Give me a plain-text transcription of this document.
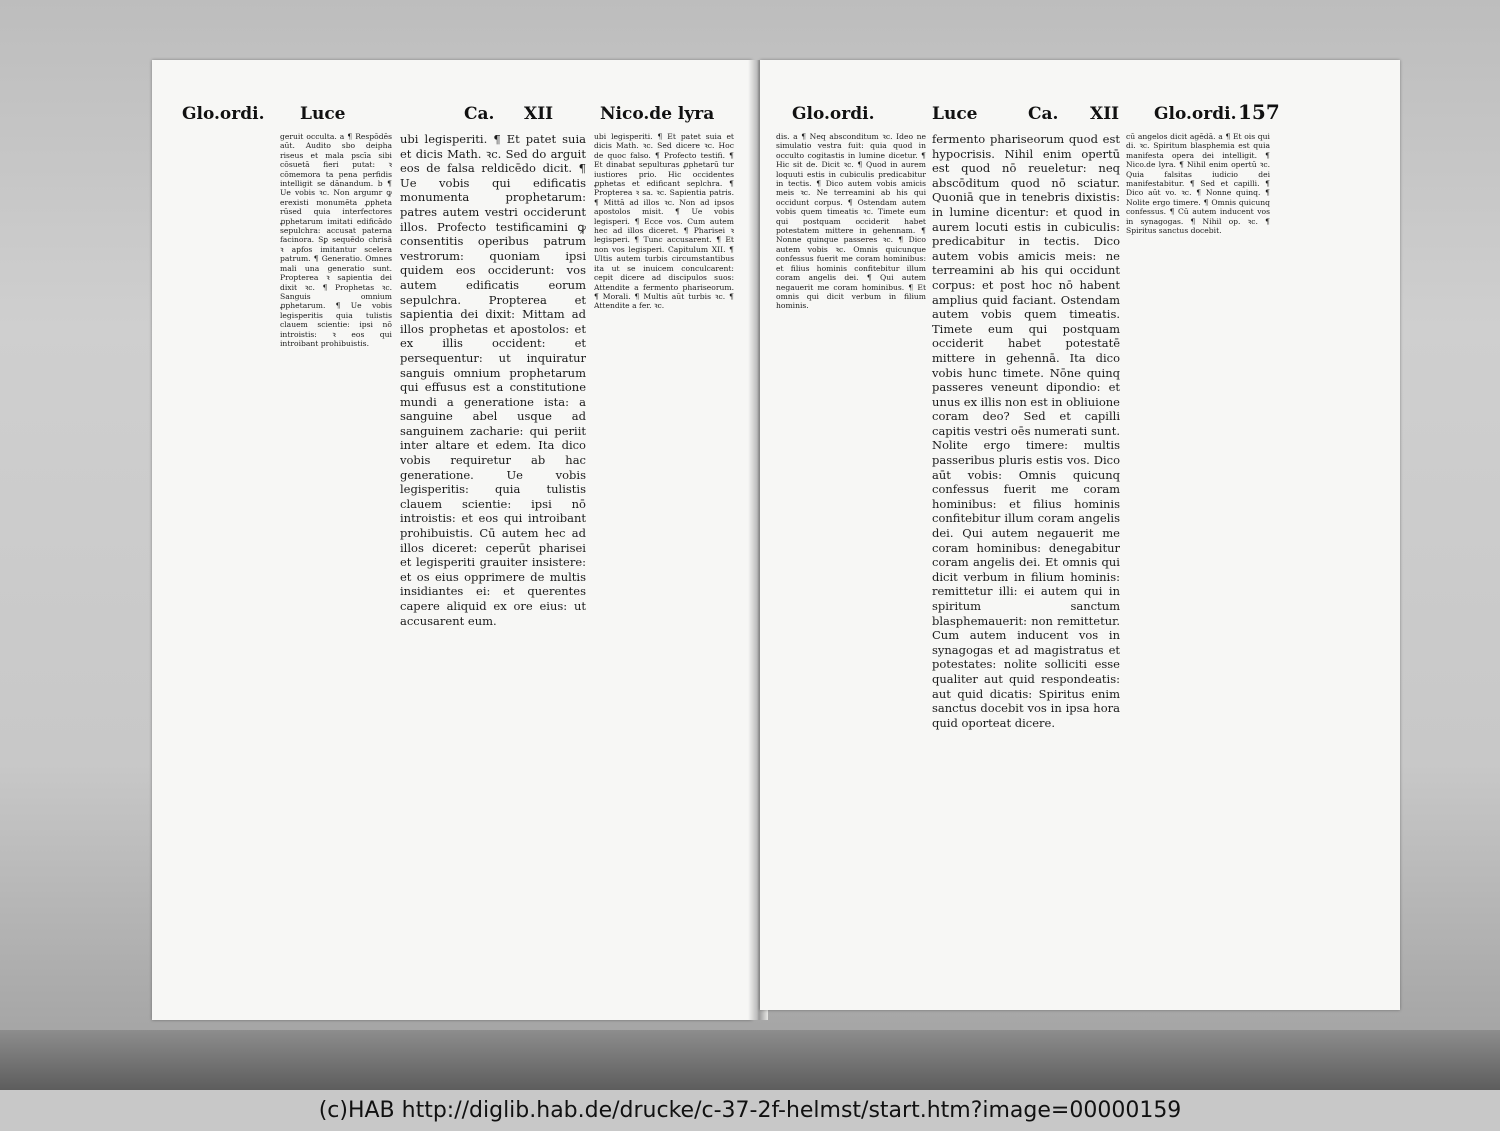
Glo.ordi. Luce	Ca. XII	Nico.de lyra

geruit occulta. a ¶ Respōdēs aūt. Audito sbo deipha riseus et mala pscīa sibi cōsuetā fieri putat: ꝛ cōmemora ta pena perfidis intelligit se dānandum. b ¶ Ue vobis ꝛc. Non argumr ꝙ erexisti monumēta ꝓpheta rūsed quia interfectores ꝓphetarum imitati edificādo sepulchra: accusat paterna facinora. Sꝑ sequēdo chrisā ꝛ apfos imitantur scelera patrum. ¶ Generatio. Omnes mali una generatio sunt. Propterea ꝛ sapientia dei dixit ꝛc. ¶ Prophetas ꝛc. Sanguis omnium ꝓphetarum. ¶ Ue vobis legisperitis quia tulistis clauem scientie: ipsi nō introistis: ꝛ eos qui introibant prohibuistis.

ubi legisperiti. ¶ Et patet suia et dicis Math. ꝛc. Sed do arguit eos de falsa reldicēdo dicit. ¶ Ue vobis qui edificatis monumenta prophetarum: patres autem vestri occiderunt illos. Profecto testificamini ꝙ consentitis operibus patrum vestrorum: quoniam ipsi quidem eos occiderunt: vos autem edificatis eorum sepulchra. Propterea et sapientia dei dixit: Mittam ad illos prophetas et apostolos: et ex illis occident: et persequentur: ut inquiratur sanguis omnium prophetarum qui effusus est a constitutione mundi a generatione ista: a sanguine abel usque ad sanguinem zacharie: qui periit inter altare et edem. Ita dico vobis requiretur ab hac generatione. Ue vobis legisperitis: quia tulistis clauem scientie: ipsi nō introistis: et eos qui introibant prohibuistis. Cū autem hec ad illos diceret: ceperūt pharisei et legisperiti grauiter insistere: et os eius opprimere de multis insidiantes ei: et querentes capere aliquid ex ore eius: ut accusarent eum.

ubi legisperiti. ¶ Et patet suia et dicis Math. ꝛc. Sed dicere ꝛc. Hoc de quoc falso. ¶ Profecto testifi. ¶ Et dinabat sepulturas ꝓphetarū tur iustiores prio. Hic occidentes ꝓphetas et edificant seplchra. ¶ Propterea ꝛ sa. ꝛc. Sapientia patris. ¶ Mittā ad illos ꝛc. Non ad ipsos apostolos misit. ¶ Ue vobis legisperi. ¶ Ecce vos. Cum autem hec ad illos diceret. ¶ Pharisei ꝛ legisperi. ¶ Tunc accusarent. ¶ Et non vos legisperi. Capitulum XII. ¶ Ultis autem turbis circumstantibus ita ut se inuicem conculcarent: cepit dicere ad discipulos suos: Attendite a fermento phariseorum. ¶ Morali. ¶ Multis aūt turbis ꝛc. ¶ Attendite a fer. ꝛc.

Glo.ordi.	Luce	Ca. XII Glo.ordi. 157

dis. a ¶ Neq absconditum ꝛc. Ideo ne simulatio vestra fuit: quia quod in occulto cogitastis in lumine dicetur. ¶ Hic sit de. Dicit ꝛc. ¶ Quod in aurem loquuti estis in cubiculis predicabitur in tectis. ¶ Dico autem vobis amicis meis ꝛc. Ne terreamini ab his qui occidunt corpus. ¶ Ostendam autem vobis quem timeatis ꝛc. Timete eum qui postquam occiderit habet potestatem mittere in gehennam. ¶ Nonne quinque passeres ꝛc. ¶ Dico autem vobis ꝛc. Omnis quicunque confessus fuerit me coram hominibus: et filius hominis confitebitur illum coram angelis dei. ¶ Qui autem negauerit me coram hominibus. ¶ Et omnis qui dicit verbum in filium hominis.

fermento phariseorum quod est hypocrisis. Nihil enim opertū est quod nō reueletur: neq abscōditum quod nō sciatur. Quoniā que in tenebris dixistis: in lumine dicentur: et quod in aurem locuti estis in cubiculis: predicabitur in tectis. Dico autem vobis amicis meis: ne terreamini ab his qui occidunt corpus: et post hoc nō habent amplius quid faciant. Ostendam autem vobis quem timeatis. Timete eum qui postquam occiderit habet potestatē mittere in gehennā. Ita dico vobis hunc timete. Nōne quinq passeres veneunt dipondio: et unus ex illis non est in obliuione coram deo? Sed et capilli capitis vestri oēs numerati sunt. Nolite ergo timere: multis passeribus pluris estis vos. Dico aūt vobis: Omnis quicunq confessus fuerit me coram hominibus: et filius hominis confitebitur illum coram angelis dei. Qui autem negauerit me coram hominibus: denegabitur coram angelis dei. Et omnis qui dicit verbum in filium hominis: remittetur illi: ei autem qui in spiritum sanctum blasphemauerit: non remittetur. Cum autem inducent vos in synagogas et ad magistratus et potestates: nolite solliciti esse qualiter aut quid respondeatis: aut quid dicatis: Spiritus enim sanctus docebit vos in ipsa hora quid oporteat dicere.

cū angelos dicit agēdā. a ¶ Et ois qui di. ꝛc. Spiritum blasphemia est quia manifesta opera dei intelligit. ¶ Nico.de lyra. ¶ Nihil enim opertū ꝛc. Quia falsitas iudicio dei manifestabitur. ¶ Sed et capilli. ¶ Dico aūt vo. ꝛc. ¶ Nonne quinq. ¶ Nolite ergo timere. ¶ Omnis quicunq confessus. ¶ Cū autem inducent vos in synagogas. ¶ Nihil op. ꝛc. ¶ Spiritus sanctus docebit.

(c)HAB http://diglib.hab.de/drucke/c-37-2f-helmst/start.htm?image=00000159
